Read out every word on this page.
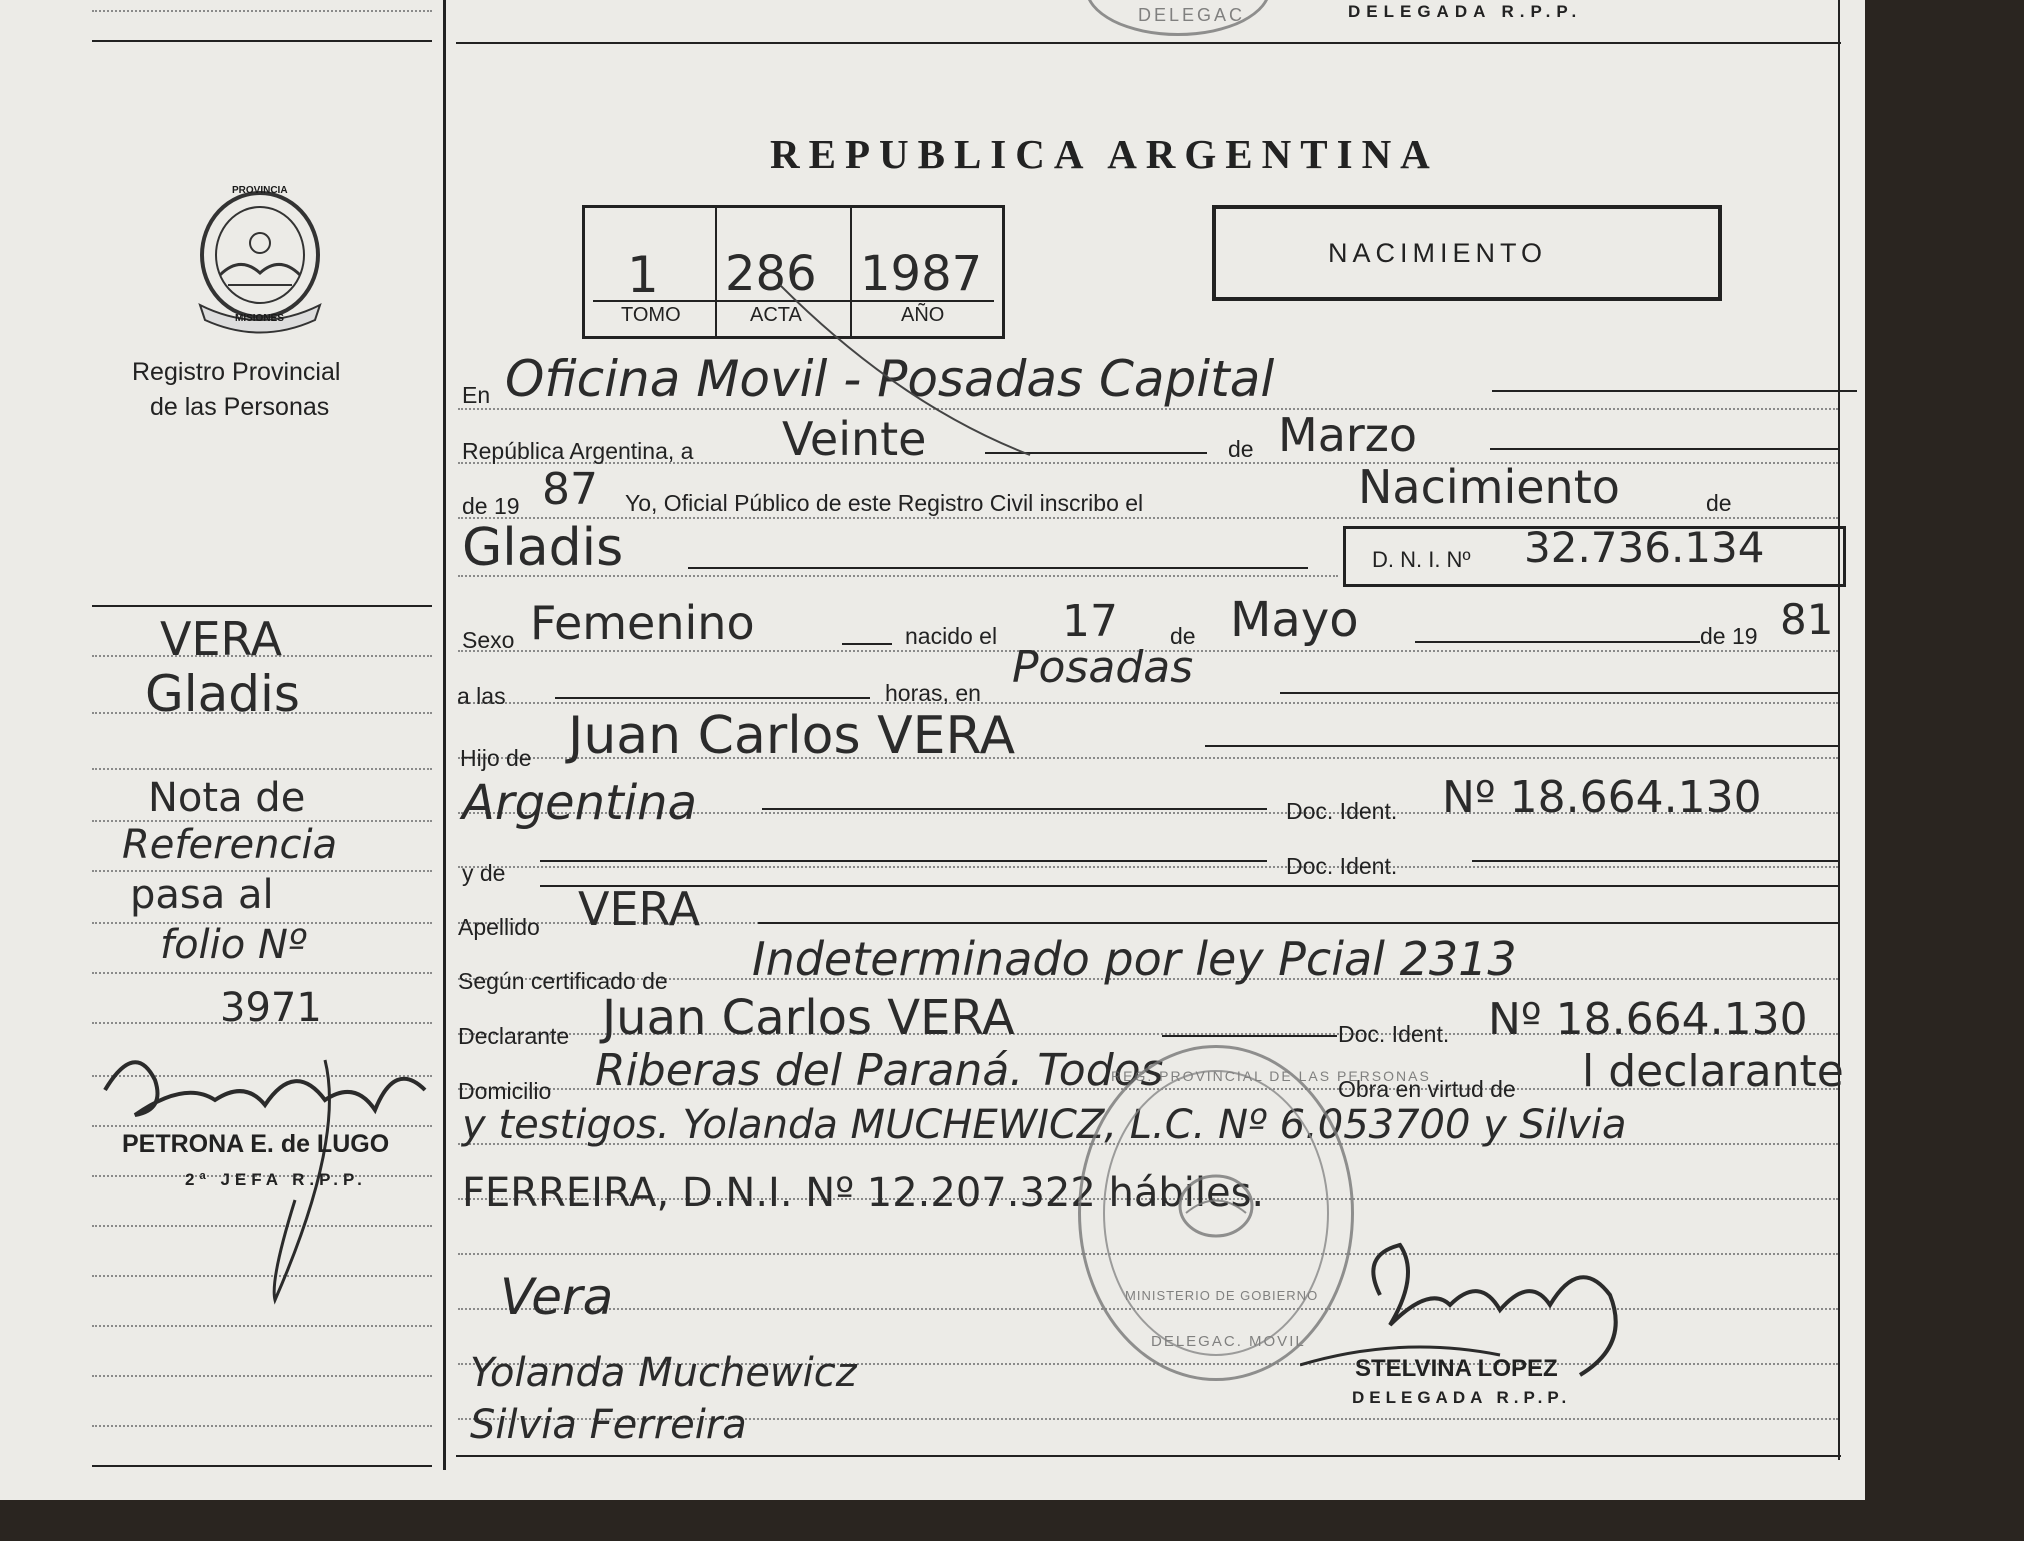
DELEGADA R.P.P.
DELEGAC
PROVINCIA
MISIONES
Registro Provincial
de las Personas
VERA
Gladis
Nota de
Referencia
pasa al
folio Nº
3971
PETRONA E. de LUGO
2ª JEFA R.P.P.
REPUBLICA ARGENTINA
1 286 1987
TOMO	ACTA	AÑO
NACIMIENTO
D. N. I. Nº 32.736.134
En Oficina Movil - Posadas Capital
República Argentina, a Veinte	de Marzo
de 19 87 Yo, Oficial Público de este Registro Civil inscribo el	Nacimiento	de
Gladis
Sexo Femenino	nacido el 17 de Mayo	de 19 81
a las	horas, en Posadas
Hijo de Juan Carlos VERA
Argentina	Doc. Ident. Nº 18.664.130
y de	Doc. Ident.
Apellido VERA
Según certificado de Indeterminado por ley Pcial 2313
Declarante Juan Carlos VERA	Doc. Ident. Nº 18.664.130
Domicilio Riberas del Paraná. Todos	Obra en virtud de l declarante
y testigos. Yolanda MUCHEWICZ, L.C. Nº 6.053700 y Silvia
FERREIRA, D.N.I. Nº 12.207.322 hábiles.
Vera
Yolanda Muchewicz
Silvia Ferreira
REG. PROVINCIAL DE LAS PERSONAS
MINISTERIO DE GOBIERNO
DELEGAC. MOVIL
STELVINA LOPEZ
DELEGADA R.P.P.
